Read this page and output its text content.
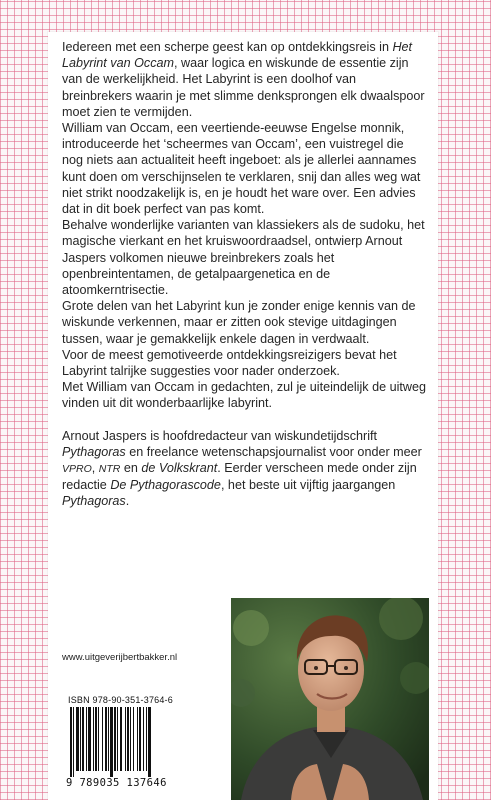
Iedereen met een scherpe geest kan op ontdekkingsreis in Het Labyrint van Occam, waar logica en wiskunde de essentie zijn van de werkelijkheid. Het Labyrint is een doolhof van breinbrekers waarin je met slimme denksprongen elk dwaalspoor moet zien te vermijden.

William van Occam, een veertiende-eeuwse Engelse monnik, introduceerde het ‘scheermes van Occam’, een vuistregel die nog niets aan actualiteit heeft ingeboet: als je allerlei aannames kunt doen om verschijnselen te verklaren, snij dan alles weg wat niet strikt noodzakelijk is, en je houdt het ware over. Een advies dat in dit boek perfect van pas komt.

Behalve wonderlijke varianten van klassiekers als de sudoku, het magische vierkant en het kruiswoordraadsel, ontwierp Arnout Jaspers volkomen nieuwe breinbrekers zoals het openbreintentamen, de getalpaargenetica en de atoomkerntrisectie.

Grote delen van het Labyrint kun je zonder enige kennis van de wiskunde verkennen, maar er zitten ook stevige uitdagingen tussen, waar je gemakkelijk enkele dagen in verdwaalt.

Voor de meest gemotiveerde ontdekkingsreizigers bevat het Labyrint talrijke suggesties voor nader onderzoek.

Met William van Occam in gedachten, zul je uiteindelijk de uitweg vinden uit dit wonderbaarlijke labyrint.

Arnout Jaspers is hoofdredacteur van wiskundetijdschrift Pythagoras en freelance wetenschapsjournalist voor onder meer VPRO, NTR en de Volkskrant. Eerder verscheen mede onder zijn redactie De Pythagorascode, het beste uit vijftig jaargangen Pythagoras.

www.uitgeverijbertbakker.nl
ISBN 978-90-351-3764-6
9 789035 137646
